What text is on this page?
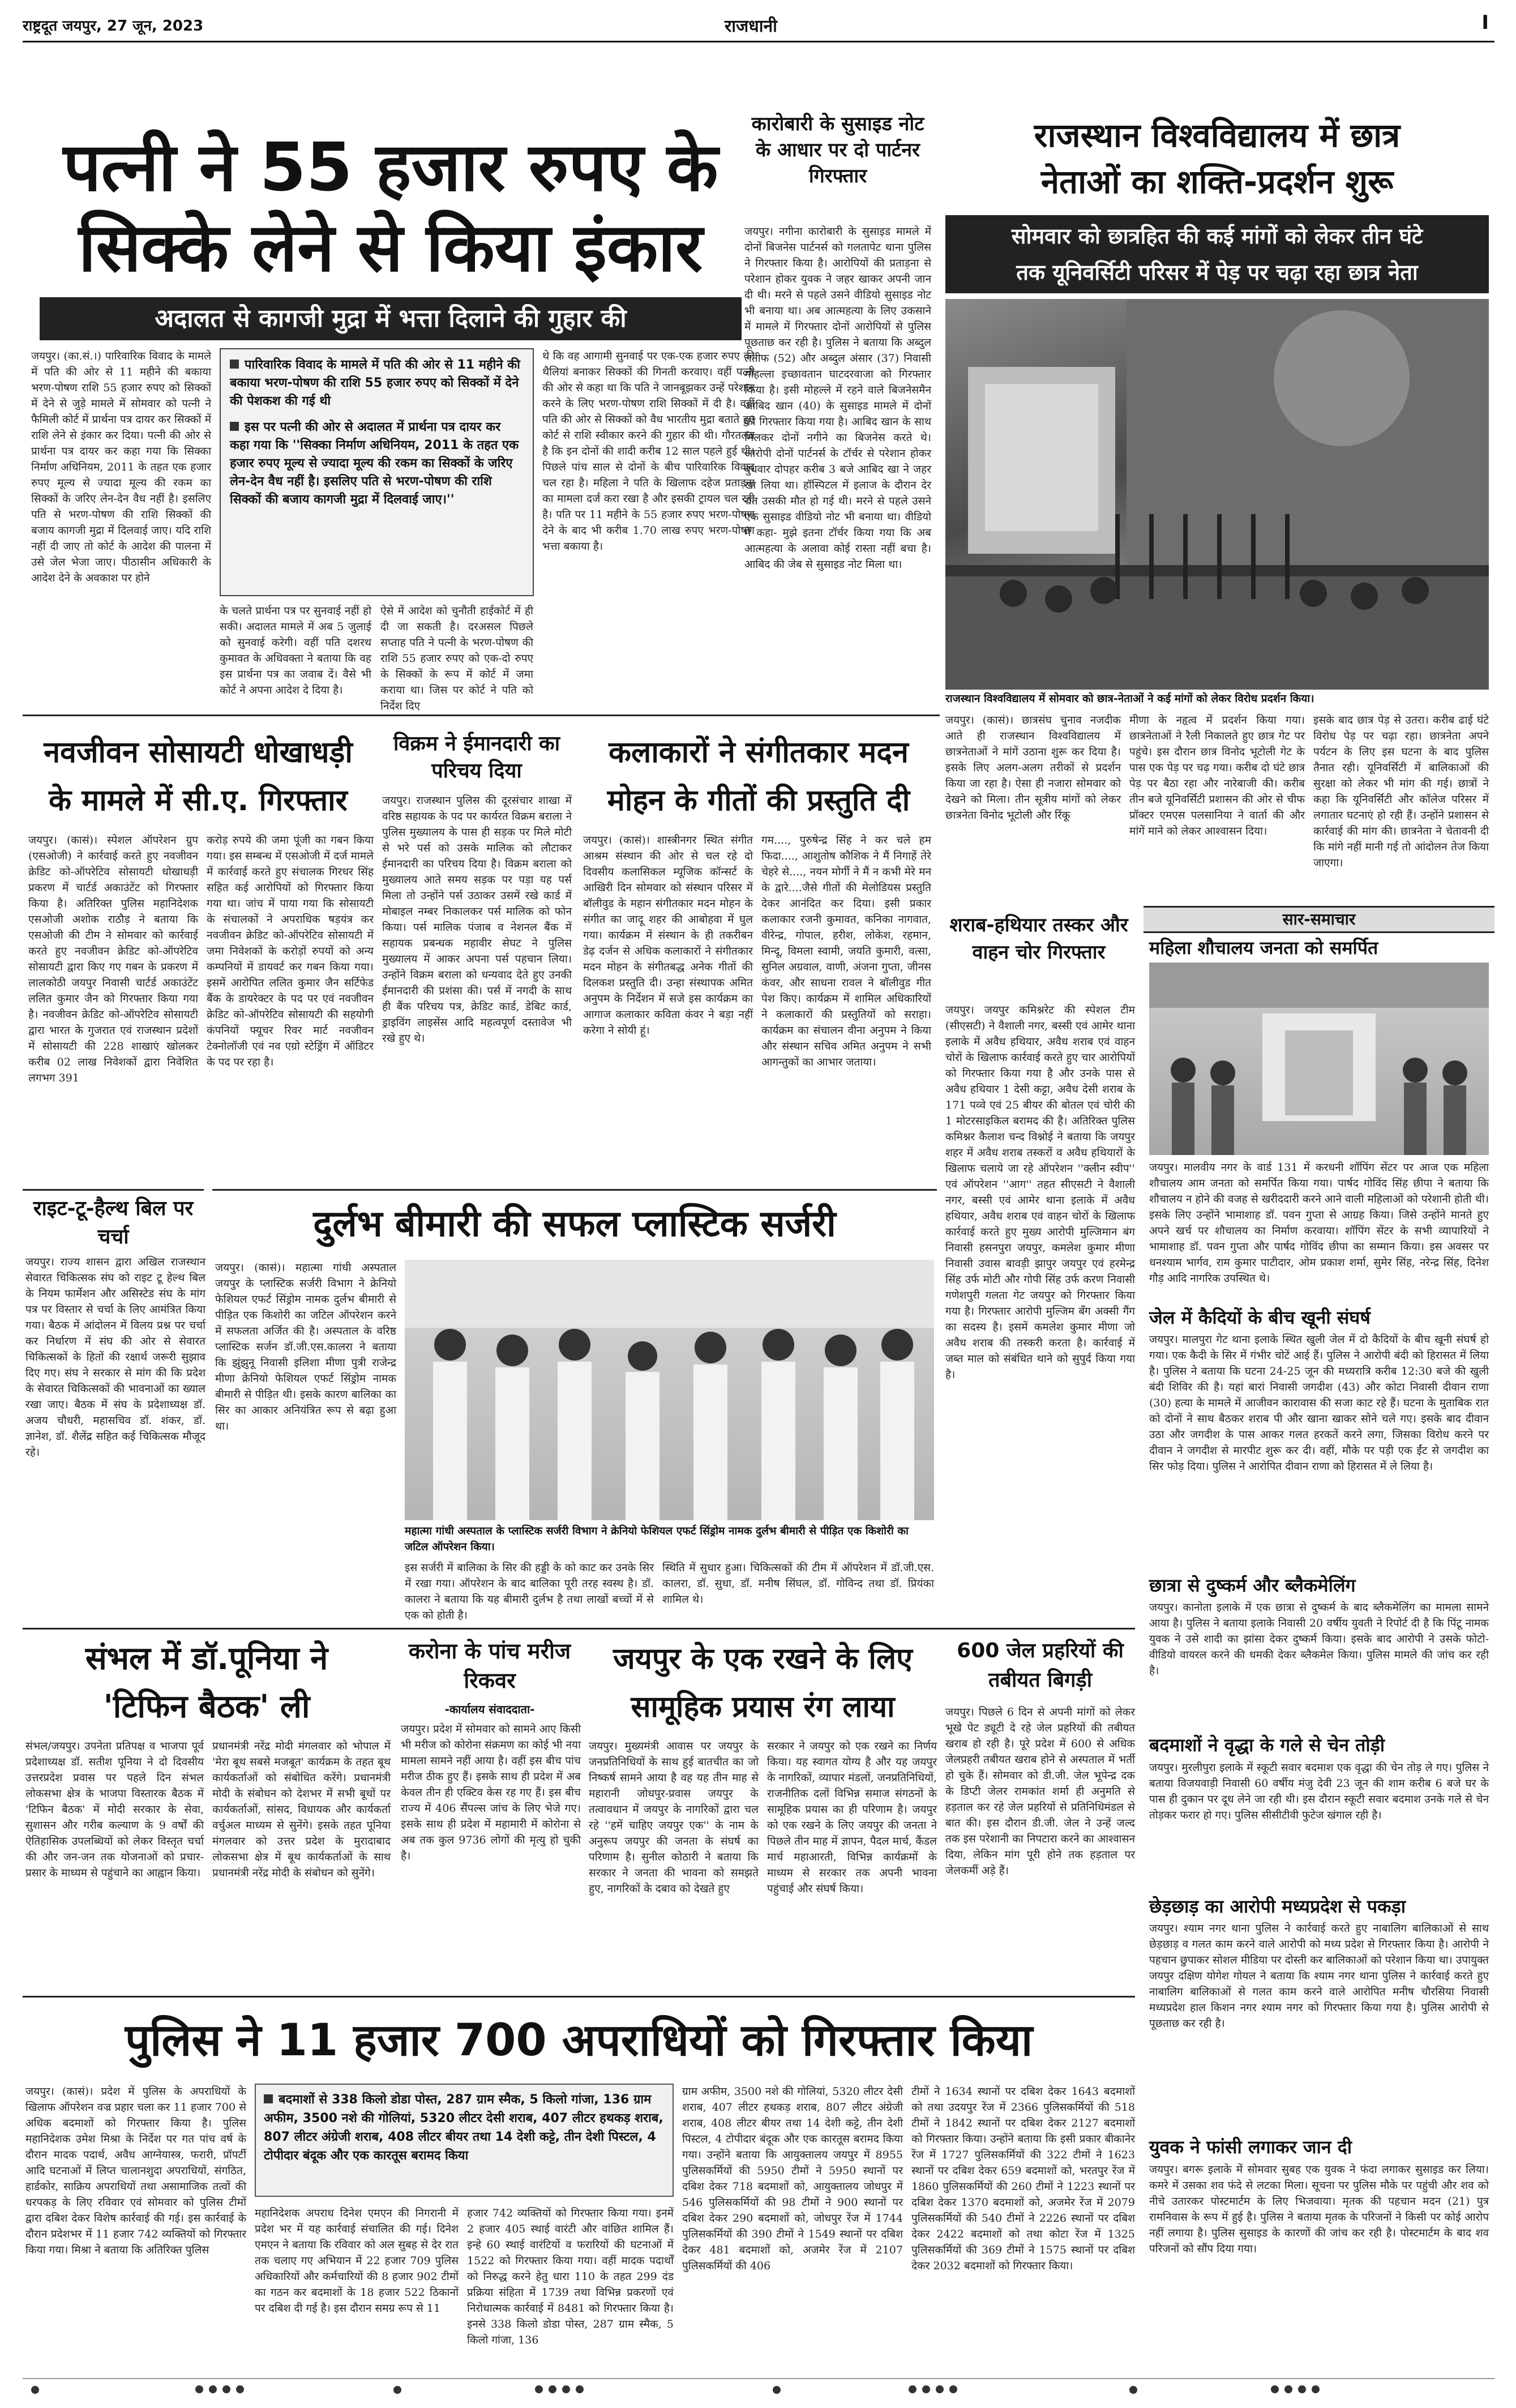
राष्ट्रदूत जयपुर, 27 जून, 2023	राजधानी	I
पत्नी ने 55 हजार रुपए के
सिक्के लेने से किया इंकार
अदालत से कागजी मुद्रा में भत्ता दिलाने की गुहार की
जयपुर। (का.सं.।) पारिवारिक विवाद के मामले में पति की ओर से 11 महीने की बकाया भरण-पोषण राशि 55 हजार रुपए को सिक्कों में देने से जुड़े मामले में सोमवार को पत्नी ने फैमिली कोर्ट में प्रार्थना पत्र दायर कर सिक्कों में राशि लेने से इंकार कर दिया। पत्नी की ओर से प्रार्थना पत्र दायर कर कहा गया कि सिक्का निर्माण अधिनियम, 2011 के तहत एक हजार रुपए मूल्य से ज्यादा मूल्य की रकम का सिक्कों के जरिए लेन-देन वैध नहीं है। इसलिए पति से भरण-पोषण की राशि सिक्कों की बजाय कागजी मुद्रा में दिलवाई जाए। यदि राशि नहीं दी जाए तो कोर्ट के आदेश की पालना में उसे जेल भेजा जाए। पीठासीन अधिकारी के आदेश देने के अवकाश पर होने
पारिवारिक विवाद के मामले में पति की ओर से 11 महीने की बकाया भरण-पोषण की राशि 55 हजार रुपए को सिक्कों में देने की पेशकश की गई थी
इस पर पत्नी की ओर से अदालत में प्रार्थना पत्र दायर कर कहा गया कि ''सिक्का निर्माण अधिनियम, 2011 के तहत एक हजार रुपए मूल्य से ज्यादा मूल्य की रकम का सिक्कों के जरिए लेन-देन वैध नहीं है। इसलिए पति से भरण-पोषण की राशि सिक्कों की बजाय कागजी मुद्रा में दिलवाई जाए।''
के चलते प्रार्थना पत्र पर सुनवाई नहीं हो सकी। अदालत मामले में अब 5 जुलाई को सुनवाई करेगी। वहीं पति दशरथ कुमावत के अधिवक्ता ने बताया कि वह इस प्रार्थना पत्र का जवाब दें। वैसे भी कोर्ट ने अपना आदेश दे दिया है।
ऐसे में आदेश को चुनौती हाईकोर्ट में ही दी जा सकती है। दरअसल पिछले सप्ताह पति ने पत्नी के भरण-पोषण की राशि 55 हजार रुपए को एक-दो रुपए के सिक्कों के रूप में कोर्ट में जमा कराया था। जिस पर कोर्ट ने पति को निर्देश दिए
थे कि वह आगामी सुनवाई पर एक-एक हजार रुपए की थैलियां बनाकर सिक्कों की गिनती करवाए। वहीं पत्नी की ओर से कहा था कि पति ने जानबूझकर उन्हें परेशान करने के लिए भरण-पोषण राशि सिक्कों में दी है। वहीं पति की ओर से सिक्कों को वैध भारतीय मुद्रा बताते हुए कोर्ट से राशि स्वीकार करने की गुहार की थी। गौरतलब है कि इन दोनों की शादी करीब 12 साल पहले हुई थी। पिछले पांच साल से दोनों के बीच पारिवारिक विवाद चल रहा है। महिला ने पति के खिलाफ दहेज प्रताड़ना का मामला दर्ज करा रखा है और इसकी ट्रायल चल रही है। पति पर 11 महीने के 55 हजार रुपए भरण-पोषण देने के बाद भी करीब 1.70 लाख रुपए भरण-पोषण भत्ता बकाया है।
कारोबारी के सुसाइड नोट के आधार पर दो पार्टनर गिरफ्तार
जयपुर। नगीना कारोबारी के सुसाइड मामले में दोनों बिजनेस पार्टनर्स को गलतापेट थाना पुलिस ने गिरफ्तार किया है। आरोपियों की प्रताड़ना से परेशान होकर युवक ने जहर खाकर अपनी जान दी थी। मरने से पहले उसने वीडियो सुसाइड नोट भी बनाया था। अब आत्महत्या के लिए उकसाने में मामले में गिरफ्तार दोनों आरोपियों से पुलिस पूछताछ कर रही है। पुलिस ने बताया कि अब्दुल लतीफ (52) और अब्दुल अंसार (37) निवासी मोहल्ला इच्छावतान घाटदरवाजा को गिरफ्तार किया है। इसी मोहल्ले में रहने वाले बिजनेसमैन आबिद खान (40) के सुसाइड मामले में दोनों को गिरफ्तार किया गया है। आबिद खान के साथ मिलकर दोनों नगीने का बिजनेस करते थे। आरोपी दोनों पार्टनर्स के टॉर्चर से परेशान होकर बुधवार दोपहर करीब 3 बजे आबिद खा ने जहर खा लिया था। हॉस्पिटल में इलाज के दौरान देर रात उसकी मौत हो गई थी। मरने से पहले उसने एक सुसाइड वीडियो नोट भी बनाया था। वीडियो में कहा- मुझे इतना टॉर्चर किया गया कि अब आत्महत्या के अलावा कोई रास्ता नहीं बचा है। आबिद की जेब से सुसाइड नोट मिला था।
राजस्थान विश्वविद्यालय में छात्र
नेताओं का शक्ति-प्रदर्शन शुरू
सोमवार को छात्रहित की कई मांगों को लेकर तीन घंटे
तक यूनिवर्सिटी परिसर में पेड़ पर चढ़ा रहा छात्र नेता
राजस्थान विश्वविद्यालय में सोमवार को छात्र-नेताओं ने कई मांगों को लेकर विरोध प्रदर्शन किया।
जयपुर। (कासं)। छात्रसंघ चुनाव नजदीक आते ही राजस्थान विश्वविद्यालय में छात्रनेताओं ने मांगें उठाना शुरू कर दिया है। इसके लिए अलग-अलग तरीकों से प्रदर्शन किया जा रहा है। ऐसा ही नजारा सोमवार को देखने को मिला। तीन सूत्रीय मांगों को लेकर छात्रनेता विनोद भूटोली और रिंकू
मीणा के नहृत्व में प्रदर्शन किया गया। छात्रनेताओं ने रैली निकालते हुए छात्र गेट पर पहुंचे। इस दौरान छात्र विनोद भूटोली गेट के पास एक पेड़ पर चढ़ गया। करीब दो घंटे छात्र पेड़ पर बैठा रहा और नारेबाजी की। करीब तीन बजे यूनिवर्सिटी प्रशासन की ओर से चीफ प्रॉक्टर एमएस पलसानिया ने वार्ता की और मांगें माने को लेकर आश्वासन दिया।
इसके बाद छात्र पेड़ से उतरा। करीब ढाई घंटे विरोध पेड़ पर चढ़ा रहा। छात्रनेता अपने पर्यटन के लिए इस घटना के बाद पुलिस तैनात रही। यूनिवर्सिटी में बालिकाओं की सुरक्षा को लेकर भी मांग की गई। छात्रों ने कहा कि यूनिवर्सिटी और कॉलेज परिसर में लगातार घटनाएं हो रही हैं। उन्होंने प्रशासन से कार्रवाई की मांग की। छात्रनेता ने चेतावनी दी कि मांगे नहीं मानी गई तो आंदोलन तेज किया जाएगा।
नवजीवन सोसायटी धोखाधड़ी
के मामले में सी.ए. गिरफ्तार
जयपुर। (कासं)। स्पेशल ऑपरेशन ग्रुप (एसओजी) ने कार्रवाई करते हुए नवजीवन क्रेडिट को-ऑपरेटिव सोसायटी धोखाधड़ी प्रकरण में चार्टर्ड अकाउंटेंट को गिरफ्तार किया है। अतिरिक्त पुलिस महानिदेशक एसओजी अशोक राठौड़ ने बताया कि एसओजी की टीम ने सोमवार को कार्रवाई करते हुए नवजीवन क्रेडिट को-ऑपरेटिव सोसायटी द्वारा किए गए गबन के प्रकरण में लालकोठी जयपुर निवासी चार्टर्ड अकाउंटेंट ललित कुमार जैन को गिरफ्तार किया गया है। नवजीवन क्रेडिट को-ऑपरेटिव सोसायटी द्वारा भारत के गुजरात एवं राजस्थान प्रदेशों में सोसायटी की 228 शाखाएं खोलकर करीब 02 लाख निवेशकों द्वारा निवेशित लगभग 391
करोड़ रुपये की जमा पूंजी का गबन किया गया। इस सम्बन्ध में एसओजी में दर्ज मामले में कार्रवाई करते हुए संचालक गिरधर सिंह सहित कई आरोपियों को गिरफ्तार किया गया था। जांच में पाया गया कि सोसायटी के संचालकों ने अपराधिक षड़यंत्र कर नवजीवन क्रेडिट को-ऑपरेटिव सोसायटी में जमा निवेशकों के करोड़ों रुपयों को अन्य कम्पनियों में डायवर्ट कर गबन किया गया। इसमें आरोपित ललित कुमार जैन सर्टिफेड बैंक के डायरेक्टर के पद पर एवं नवजीवन क्रेडिट को-ऑपरेटिव सोसायटी की सहयोगी कंपनियों फ्यूचर रिवर मार्ट नवजीवन टेक्नोलॉजी एवं नव एग्रो स्टेड्रिंग में ऑडिटर के पद पर रहा है।
विक्रम ने ईमानदारी का परिचय दिया
जयपुर। राजस्थान पुलिस की दूरसंचार शाखा में वरिष्ठ सहायक के पद पर कार्यरत विक्रम बराला ने पुलिस मुख्यालय के पास ही सड़क पर मिले मोटी से भरे पर्स को उसके मालिक को लौटाकर ईमानदारी का परिचय दिया है। विक्रम बराला को मुख्यालय आते समय सड़क पर पड़ा यह पर्स मिला तो उन्होंने पर्स उठाकर उसमें रखे कार्ड में मोबाइल नम्बर निकालकर पर्स मालिक को फोन किया। पर्स मालिक पंजाब व नेशनल बैंक में सहायक प्रबन्धक महावीर सेघट ने पुलिस मुख्यालय में आकर अपना पर्स पहचान लिया। उन्होंने विक्रम बराला को धन्यवाद देते हुए उनकी ईमानदारी की प्रशंसा की। पर्स में नगदी के साथ ही बैंक परिचय पत्र, क्रेडिट कार्ड, डेबिट कार्ड, ड्राइविंग लाइसेंस आदि महत्वपूर्ण दस्तावेज भी रखे हुए थे।
कलाकारों ने संगीतकार मदन
मोहन के गीतों की प्रस्तुति दी
जयपुर। (कासं)। शास्त्रीनगर स्थित संगीत आश्रम संस्थान की ओर से चल रहे दो दिवसीय कलासिकल म्यूजिक कॉन्सर्ट के आखिरी दिन सोमवार को संस्थान परिसर में बॉलीवुड के महान संगीतकार मदन मोहन के संगीत का जादू शहर की आबोहवा में घुल गया। कार्यक्रम में संस्थान के ही तकरीबन डेढ़ दर्जन से अधिक कलाकारों ने संगीतकार मदन मोहन के संगीतबद्ध अनेक गीतों की दिलकश प्रस्तुति दी। उन्हा संस्थापक अमित अनुपम के निर्देशन में सजे इस कार्यक्रम का आगाज कलाकार कविता कंवर ने बड़ा नहीं करेगा ने सोयी हूं।
गम...., पुरुषेन्द्र सिंह ने कर चले हम फिदा...., आशुतोष कौशिक ने मैं निगाहें तेरे चेहरे से...., नयन मोर्गी ने मैं न कभी मेरे मन के द्वारे....जैसे गीतों की मेलोडियस प्रस्तुति देकर आनंदित कर दिया। इसी प्रकार कलाकार रजनी कुमावत, कनिका नागवात, वीरेन्द्र, गोपाल, हरीश, लोकेश, रहमान, मिन्दू, विमला स्वामी, जयति कुमारी, वत्सा, सुनिल अग्रवाल, वाणी, अंजना गुप्ता, जीनस कंवर, और साधना रावल ने बॉलीवुड गीत पेश किए। कार्यक्रम में शामिल अधिकारियों ने कलाकारों की प्रस्तुतियों को सराहा। कार्यक्रम का संचालन वीना अनुपम ने किया और संस्थान सचिव अमित अनुपम ने सभी आगन्तुकों का आभार जताया।
शराब-हथियार तस्कर और वाहन चोर गिरफ्तार
जयपुर। जयपुर कमिश्नरेट की स्पेशल टीम (सीएसटी) ने वैशाली नगर, बस्सी एवं आमेर थाना इलाके में अवैध हथियार, अवैध शराब एवं वाहन चोरों के खिलाफ कार्रवाई करते हुए चार आरोपियों को गिरफ्तार किया गया है और उनके पास से अवैध हथियार 1 देसी कट्टा, अवैध देसी शराब के 171 पव्वे एवं 25 बीयर की बोतल एवं चोरी की 1 मोटरसाइकिल बरामद की है। अतिरिक्त पुलिस कमिश्नर कैलाश चन्द विश्नोई ने बताया कि जयपुर शहर में अवैध शराब तस्करों व अवैध हथियारों के खिलाफ चलाये जा रहे ऑपरेशन ''क्लीन स्वीप'' एवं ऑपरेशन ''आग'' तहत सीएसटी ने वैशाली नगर, बस्सी एवं आमेर थाना इलाके में अवैध हथियार, अवैध शराब एवं वाहन चोरों के खिलाफ कार्रवाई करते हुए मुख्य आरोपी मुल्जिमान बंग निवासी हसनपुरा जयपुर, कमलेश कुमार मीणा निवासी उवास बावड़ी झापुर जयपुर एवं हरमेन्द्र सिंह उर्फ मोटी और गोपी सिंह उर्फ करण निवासी गणेशपुरी गलता गेट जयपुर को गिरफ्तार किया गया है। गिरफ्तार आरोपी मुल्जिम बँग अक्सी गैंग का सदस्य है। इसमें कमलेश कुमार मीणा जो अवैध शराब की तस्करी करता है। कार्रवाई में जब्त माल को संबंधित थाने को सुपुर्द किया गया है।
सार-समाचार
महिला शौचालय जनता को समर्पित
जयपुर। मालवीय नगर के वार्ड 131 में करधनी शॉपिंग सेंटर पर आज एक महिला शौचालय आम जनता को समर्पित किया गया। पार्षद गोविंद सिंह छीपा ने बताया कि शौचालय न होने की वजह से खरीददारी करने आने वाली महिलाओं को परेशानी होती थी। इसके लिए उन्होंने भामाशाह डॉ. पवन गुप्ता से आग्रह किया। जिसे उन्होंने मानते हुए अपने खर्च पर शौचालय का निर्माण करवाया। शॉपिंग सेंटर के सभी व्यापारियों ने भामाशाह डॉ. पवन गुप्ता और पार्षद गोविंद छीपा का सम्मान किया। इस अवसर पर धनश्याम भार्गव, राम कुमार पाटीदार, ओम प्रकाश शर्मा, सुमेर सिंह, नरेन्द्र सिंह, दिनेश गौड़ आदि नागरिक उपस्थित थे।
जेल में कैदियों के बीच खूनी संघर्ष
जयपुर। मालपुरा गेट थाना इलाके स्थित खुली जेल में दो कैदियों के बीच खूनी संघर्ष हो गया। एक कैदी के सिर में गंभीर चोटें आई हैं। पुलिस ने आरोपी बंदी को हिरासत में लिया है। पुलिस ने बताया कि घटना 24-25 जून की मध्यरात्रि करीब 12:30 बजे की खुली बंदी शिविर की है। यहां बारां निवासी जगदीश (43) और कोटा निवासी दीवान राणा (30) हत्या के मामले में आजीवन कारावास की सजा काट रहे हैं। घटना के मुताबिक रात को दोनों ने साथ बैठकर शराब पी और खाना खाकर सोने चले गए। इसके बाद दीवान उठा और जगदीश के पास आकर गलत हरकतें करने लगा, जिसका विरोध करने पर दीवान ने जगदीश से मारपीट शुरू कर दी। वहीं, मौके पर पड़ी एक ईंट से जगदीश का सिर फोड़ दिया। पुलिस ने आरोपित दीवान राणा को हिरासत में ले लिया है।
छात्रा से दुष्कर्म और ब्लैकमेलिंग
जयपुर। कानोता इलाके में एक छात्रा से दुष्कर्म के बाद ब्लैकमेलिंग का मामला सामने आया है। पुलिस ने बताया इलाके निवासी 20 वर्षीय युवती ने रिपोर्ट दी है कि पिंटू नामक युवक ने उसे शादी का झांसा देकर दुष्कर्म किया। इसके बाद आरोपी ने उसके फोटो-वीडियो वायरल करने की धमकी देकर ब्लैकमेल किया। पुलिस मामले की जांच कर रही है।
राइट-टू-हैल्थ बिल पर चर्चा
जयपुर। राज्य शासन द्वारा अखिल राजस्थान सेवारत चिकित्सक संघ को राइट टू हेल्थ बिल के नियम फार्मेशन और असिस्टेड संघ के मांग पत्र पर विस्तार से चर्चा के लिए आमंत्रित किया गया। बैठक में आंदोलन में विलय प्रश्न पर चर्चा कर निर्धारण में संघ की ओर से सेवारत चिकित्सकों के हितों की रक्षार्थ जरूरी सुझाव दिए गए। संघ ने सरकार से मांग की कि प्रदेश के सेवारत चिकित्सकों की भावनाओं का ख्याल रखा जाए। बैठक में संघ के प्रदेशाध्यक्ष डॉ. अजय चौधरी, महासचिव डॉ. शंकर, डॉ. ज्ञानेश, डॉ. शैलेंद्र सहित कई चिकित्सक मौजूद रहे।
दुर्लभ बीमारी की सफल प्लास्टिक सर्जरी
जयपुर। (कासं)। महात्मा गांधी अस्पताल जयपुर के प्लास्टिक सर्जरी विभाग ने क्रेनियो फेशियल एफर्ट सिंड्रोम नामक दुर्लभ बीमारी से पीड़ित एक किशोरी का जटिल ऑपरेशन करने में सफलता अर्जित की है। अस्पताल के वरिष्ठ प्लास्टिक सर्जन डॉ.जी.एस.कालरा ने बताया कि झुंझुनू निवासी इलिशा मीणा पुत्री राजेन्द्र मीणा क्रेनियो फेशियल एफर्ट सिंड्रोम नामक बीमारी से पीड़ित थी। इसके कारण बालिका का सिर का आकार अनियंत्रित रूप से बढ़ा हुआ था।
महात्मा गांधी अस्पताल के प्लास्टिक सर्जरी विभाग ने क्रेनियो फेशियल एफर्ट सिंड्रोम नामक दुर्लभ बीमारी से पीड़ित एक किशोरी का जटिल ऑपरेशन किया।
इस सर्जरी में बालिका के सिर की हड्डी के को काट कर उनके सिर में रखा गया। ऑपरेशन के बाद बालिका पूरी तरह स्वस्थ है। डॉ. कालरा ने बताया कि यह बीमारी दुर्लभ है तथा लाखों बच्चों में से एक को होती है।
स्थिति में सुधार हुआ। चिकित्सकों की टीम में ऑपरेशन में डॉ.जी.एस. कालरा, डॉ. सुधा, डॉ. मनीष सिंघल, डॉ. गोविन्द तथा डॉ. प्रियंका शामिल थे।
संभल में डॉ.पूनिया ने
'टिफिन बैठक' ली
संभल/जयपुर। उपनेता प्रतिपक्ष व भाजपा पूर्व प्रदेशाध्यक्ष डॉ. सतीश पूनिया ने दो दिवसीय उत्तरप्रदेश प्रवास पर पहले दिन संभल लोकसभा क्षेत्र के भाजपा विस्तारक बैठक में 'टिफिन बैठक' में मोदी सरकार के सेवा, सुशासन और गरीब कल्याण के 9 वर्षों की ऐतिहासिक उपलब्धियों को लेकर विस्तृत चर्चा की और जन-जन तक योजनाओं को प्रचार-प्रसार के माध्यम से पहुंचाने का आह्वान किया।
प्रधानमंत्री नरेंद्र मोदी मंगलवार को भोपाल में 'मेरा बूथ सबसे मजबूत' कार्यक्रम के तहत बूथ कार्यकर्ताओं को संबोधित करेंगे। प्रधानमंत्री मोदी के संबोधन को देशभर में सभी बूथों पर कार्यकर्ताओं, सांसद, विधायक और कार्यकर्ता वर्चुअल माध्यम से सुनेंगे। इसके तहत पूनिया मंगलवार को उत्तर प्रदेश के मुरादाबाद लोकसभा क्षेत्र में बूथ कार्यकर्ताओं के साथ प्रधानमंत्री नरेंद्र मोदी के संबोधन को सुनेंगे।
करोना के पांच मरीज रिकवर
-कार्यालय संवाददाता-
जयपुर। प्रदेश में सोमवार को सामने आए किसी भी मरीज को कोरोना संक्रमण का कोई भी नया मामला सामने नहीं आया है। वहीं इस बीच पांच मरीज ठीक हुए हैं। इसके साथ ही प्रदेश में अब केवल तीन ही एक्टिव केस रह गए हैं। इस बीच राज्य में 406 सैंपल्स जांच के लिए भेजे गए। इसके साथ ही प्रदेश में महामारी में कोरोना से अब तक कुल 9736 लोगों की मृत्यु हो चुकी है।
जयपुर के एक रखने के लिए
सामूहिक प्रयास रंग लाया
जयपुर। मुख्यमंत्री आवास पर जयपुर के जनप्रतिनिधियों के साथ हुई बातचीत का जो निष्कर्ष सामने आया है वह यह तीन माह से महारानी जोधपुर-प्रवास जयपुर के तत्वावधान में जयपुर के नागरिकों द्वारा चल रहे ''हमें चाहिए जयपुर एक'' के नाम के अनुरूप जयपुर की जनता के संघर्ष का परिणाम है। सुनील कोठारी ने बताया कि सरकार ने जनता की भावना को समझते हुए, नागरिकों के दबाव को देखते हुए
सरकार ने जयपुर को एक रखने का निर्णय किया। यह स्वागत योग्य है और यह जयपुर के नागरिकों, व्यापार मंडलों, जनप्रतिनिधियों, राजनीतिक दलों विभिन्न समाज संगठनों के सामूहिक प्रयास का ही परिणाम है। जयपुर को एक रखने के लिए जयपुर की जनता ने पिछले तीन माह में ज्ञापन, पैदल मार्च, कैंडल मार्च महाआरती, विभिन्न कार्यक्रमों के माध्यम से सरकार तक अपनी भावना पहुंचाई और संघर्ष किया।
600 जेल प्रहरियों की तबीयत बिगड़ी
जयपुर। पिछले 6 दिन से अपनी मांगों को लेकर भूखे पेट ड्यूटी दे रहे जेल प्रहरियों की तबीयत खराब हो रही है। पूरे प्रदेश में 600 से अधिक जेलप्रहरी तबीयत खराब होने से अस्पताल में भर्ती हो चुके हैं। सोमवार को डी.जी. जेल भूपेन्द्र दक के डिप्टी जेलर रामकांत शर्मा ही अनुमति से हड़ताल कर रहे जेल प्रहरियों से प्रतिनिधिमंडल से बात की। इस दौरान डी.जी. जेल ने उन्हें जल्द तक इस परेशानी का निपटारा करने का आश्वासन दिया, लेकिन मांग पूरी होने तक हड़ताल पर जेलकर्मी अड़े हैं।
बदमाशों ने वृद्धा के गले से चेन तोड़ी
जयपुर। मुरलीपुरा इलाके में स्कूटी सवार बदमाश एक वृद्धा की चेन तोड़ ले गए। पुलिस ने बताया विजयवाड़ी निवासी 60 वर्षीय मंजु देवी 23 जून की शाम करीब 6 बजे घर के पास ही दुकान पर दूध लेने जा रही थी। इस दौरान स्कूटी सवार बदमाश उनके गले से चेन तोड़कर फरार हो गए। पुलिस सीसीटीवी फुटेज खंगाल रही है।
छेड़छाड़ का आरोपी मध्यप्रदेश से पकड़ा
जयपुर। श्याम नगर थाना पुलिस ने कार्रवाई करते हुए नाबालिग बालिकाओं से साथ छेड़छाड़ व गलत काम करने वाले आरोपी को मध्य प्रदेश से गिरफ्तार किया है। आरोपी ने पहचान छुपाकर सोशल मीडिया पर दोस्ती कर बालिकाओं को परेशान किया था। उपायुक्त जयपुर दक्षिण योगेश गोयल ने बताया कि श्याम नगर थाना पुलिस ने कार्रवाई करते हुए नाबालिग बालिकाओं से गलत काम करने वाले आरोपित मनीष चौरसिया निवासी मध्यप्रदेश हाल किशन नगर श्याम नगर को गिरफ्तार किया गया है। पुलिस आरोपी से पूछताछ कर रही है।
युवक ने फांसी लगाकर जान दी
जयपुर। बगरू इलाके में सोमवार सुबह एक युवक ने फंदा लगाकर सुसाइड कर लिया। कमरे में उसका शव फंदे से लटका मिला। सूचना पर पुलिस मौके पर पहुंची और शव को नीचे उतारकर पोस्टमार्टम के लिए भिजवाया। मृतक की पहचान मदन (21) पुत्र रामनिवास के रूप में हुई है। पुलिस ने बताया मृतक के परिजनों ने किसी पर कोई आरोप नहीं लगाया है। पुलिस सुसाइड के कारणों की जांच कर रही है। पोस्टमार्टम के बाद शव परिजनों को सौंप दिया गया।
पुलिस ने 11 हजार 700 अपराधियों को गिरफ्तार किया
जयपुर। (कासं)। प्रदेश में पुलिस के अपराधियों के खिलाफ ऑपरेशन वज्र प्रहार चला कर 11 हजार 700 से अधिक बदमाशों को गिरफ्तार किया है। पुलिस महानिदेशक उमेश मिश्रा के निर्देश पर गत पांच वर्ष के दौरान मादक पदार्थ, अवैध आग्नेयास्त्र, फरारी, प्रॉपर्टी आदि घटनाओं में लिप्त चालानशुदा अपराधियों, संगठित, हार्डकोर, साक्रिय अपराधियों तथा असामाजिक तत्वों की धरपकड़ के लिए रविवार एवं सोमवार को पुलिस टीमों द्वारा दबिश देकर विशेष कार्रवाई की गई। इस कार्रवाई के दौरान प्रदेशभर में 11 हजार 742 व्यक्तियों को गिरफ्तार किया गया। मिश्रा ने बताया कि अतिरिक्त पुलिस
बदमाशों से 338 किलो डोडा पोस्त, 287 ग्राम स्मैक, 5 किलो गांजा, 136 ग्राम अफीम, 3500 नशे की गोलियां, 5320 लीटर देसी शराब, 407 लीटर हथकड़ शराब, 807 लीटर अंग्रेजी शराब, 408 लीटर बीयर तथा 14 देशी कट्टे, तीन देशी पिस्टल, 4 टोपीदार बंदूक और एक कारतूस बरामद किया
महानिदेशक अपराध दिनेश एमएन की निगरानी में प्रदेश भर में यह कार्रवाई संचालित की गई। दिनेश एमएन ने बताया कि रविवार को अल सुबह से देर रात तक चलाए गए अभियान में 22 हजार 709 पुलिस अधिकारियों और कर्मचारियों की 8 हजार 902 टीमों का गठन कर बदमाशों के 18 हजार 522 ठिकानों पर दबिश दी गई है। इस दौरान समग्र रूप से 11
हजार 742 व्यक्तियों को गिरफ्तार किया गया। इनमें 2 हजार 405 स्थाई वारंटी और वांछित शामिल हैं। इन्हे 60 स्थाई वारंटियों व फरारियों की घटनाओं में 1522 को गिरफ्तार किया गया। वहीं मादक पदार्थों को निरुद्ध करने हेतु धारा 110 के तहत 299 दंड प्रक्रिया संहिता में 1739 तथा विभिन्न प्रकरणों एवं निरोधात्मक कार्रवाई में 8481 को गिरफ्तार किया है। इनसे 338 किलो डोडा पोस्त, 287 ग्राम स्मैक, 5 किलो गांजा, 136
ग्राम अफीम, 3500 नशे की गोलियां, 5320 लीटर देसी शराब, 407 लीटर हथकड़ शराब, 807 लीटर अंग्रेजी शराब, 408 लीटर बीयर तथा 14 देशी कट्टे, तीन देशी पिस्टल, 4 टोपीदार बंदूक और एक कारतूस बरामद किया गया। उन्होंने बताया कि आयुक्तालय जयपुर में 8955 पुलिसकर्मियों की 5950 टीमों ने 5950 स्थानों पर दबिश देकर 718 बदमाशों को, आयुक्तालय जोधपुर में 546 पुलिसकर्मियों की 98 टीमों ने 900 स्थानों पर दबिश देकर 290 बदमाशों को, जोधपुर रेंज में 1744 पुलिसकर्मियों की 390 टीमों ने 1549 स्थानों पर दबिश देकर 481 बदमाशों को, अजमेर रेंज में 2107 पुलिसकर्मियों की 406
टीमों ने 1634 स्थानों पर दबिश देकर 1643 बदमाशों को तथा उदयपुर रेंज में 2366 पुलिसकर्मियों की 518 टीमों ने 1842 स्थानों पर दबिश देकर 2127 बदमाशों को गिरफ्तार किया। उन्होंने बताया कि इसी प्रकार बीकानेर रेंज में 1727 पुलिसकर्मियों की 322 टीमों ने 1623 स्थानों पर दबिश देकर 659 बदमाशों को, भरतपुर रेंज में 1860 पुलिसकर्मियों की 260 टीमों ने 1223 स्थानों पर दबिश देकर 1370 बदमाशों को, अजमेर रेंज में 2079 पुलिसकर्मियों की 540 टीमों ने 2226 स्थानों पर दबिश देकर 2422 बदमाशों को तथा कोटा रेंज में 1325 पुलिसकर्मियों की 369 टीमों ने 1575 स्थानों पर दबिश देकर 2032 बदमाशों को गिरफ्तार किया।
